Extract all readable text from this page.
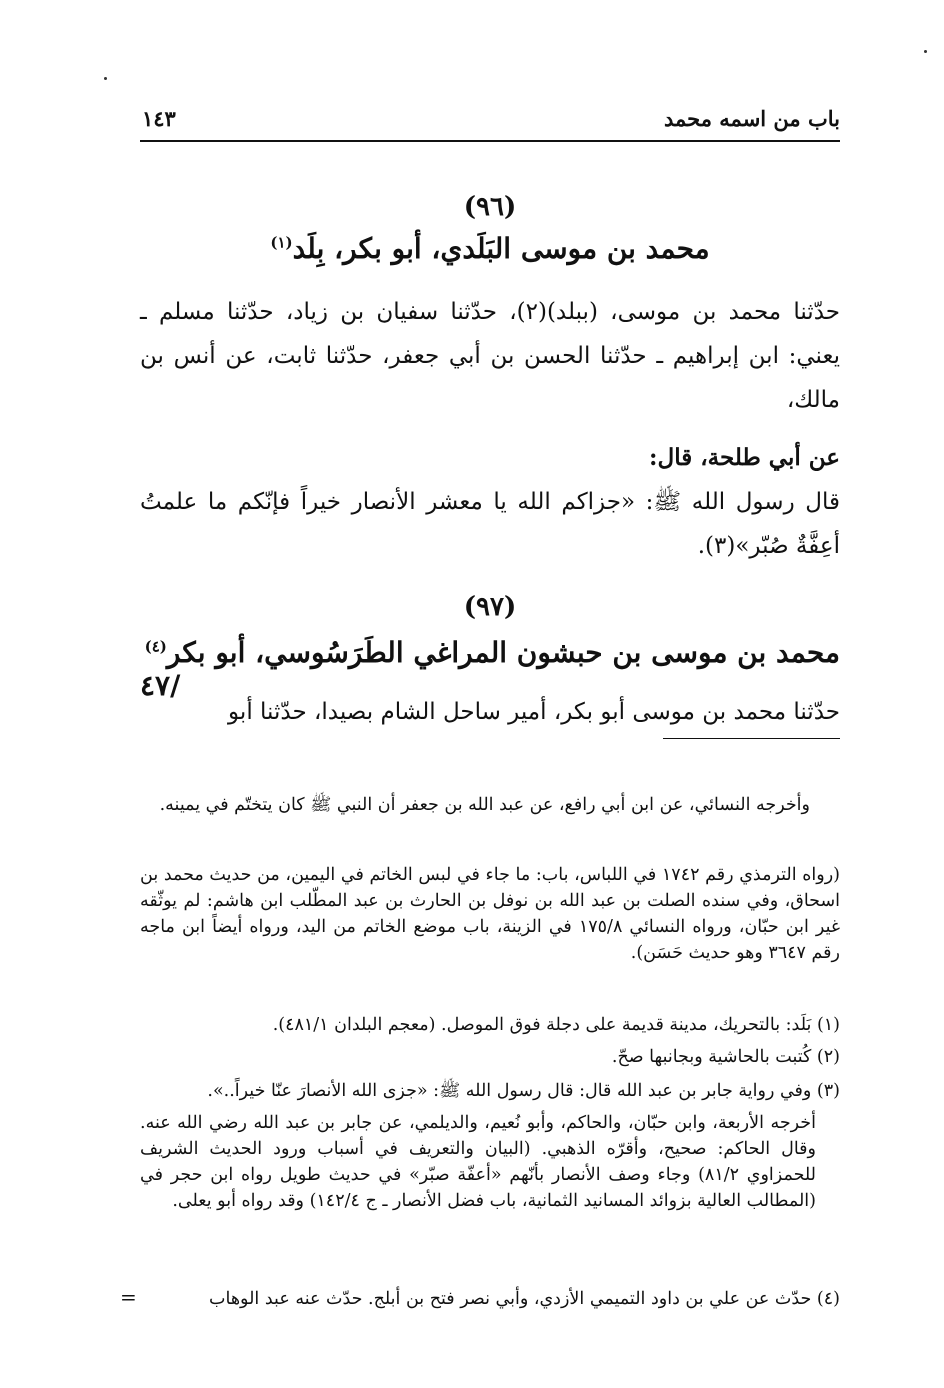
باب من اسمه محمد
١٤٣
(٩٦)
محمد بن موسى البَلَدي، أبو بكر، بِلَد$^{(١)}$
حدّثنا محمد بن موسى، (ببلد)(٢)، حدّثنا سفيان بن زياد، حدّثنا مسلم ـ يعني: ابن إبراهيم ـ حدّثنا الحسن بن أبي جعفر، حدّثنا ثابت، عن أنس بن مالك،
عن أبي طلحة، قال:
قال رسول الله ﷺ: «جزاكم الله يا معشر الأنصار خيراً فإنّكم ما علمتُ أعِفَّةٌ صُبّر»(٣).
(٩٧)
محمد بن موسى بن حبشون المراغي الطَرَسُوسي، أبو بكر$^{(٤)}$
/٤٧
حدّثنا محمد بن موسى أبو بكر، أمير ساحل الشام بصيدا، حدّثنا أبو
وأخرجه النسائي، عن ابن أبي رافع، عن عبد الله بن جعفر أن النبي ﷺ كان يتختّم في يمينه.
(رواه الترمذي رقم ١٧٤٢ في اللباس، باب: ما جاء في لبس الخاتم في اليمين، من حديث محمد بن اسحاق، وفي سنده الصلت بن عبد الله بن نوفل بن الحارث بن عبد المطّلب ابن هاشم: لم يوثّقه غير ابن حبّان، ورواه النسائي ١٧٥/٨ في الزينة، باب موضع الخاتم من اليد، ورواه أيضاً ابن ماجه رقم ٣٦٤٧ وهو حديث حَسَن).
(١) بَلَد: بالتحريك، مدينة قديمة على دجلة فوق الموصل. (معجم البلدان ٤٨١/١).
(٢) كُتبت بالحاشية وبجانبها صحّ.
(٣) وفي رواية جابر بن عبد الله قال: قال رسول الله ﷺ: «جزى الله الأنصارَ عنّا خيراً..».
أخرجه الأربعة، وابن حبّان، والحاكم، وأبو نُعيم، والديلمي، عن جابر بن عبد الله رضي الله عنه. وقال الحاكم: صحيح، وأقرّه الذهبي. (البيان والتعريف في أسباب ورود الحديث الشريف للحمزاوي ٨١/٢) وجاء وصف الأنصار بأنّهم «أعفّة صبّر» في حديث طويل رواه ابن حجر في (المطالب العالية بزوائد المسانيد الثمانية، باب فضل الأنصار ـ ج ١٤٢/٤) وقد رواه أبو يعلى.
(٤) حدّث عن علي بن داود التميمي الأزدي، وأبي نصر فتح بن أبلج. حدّث عنه عبد الوهاب
=
